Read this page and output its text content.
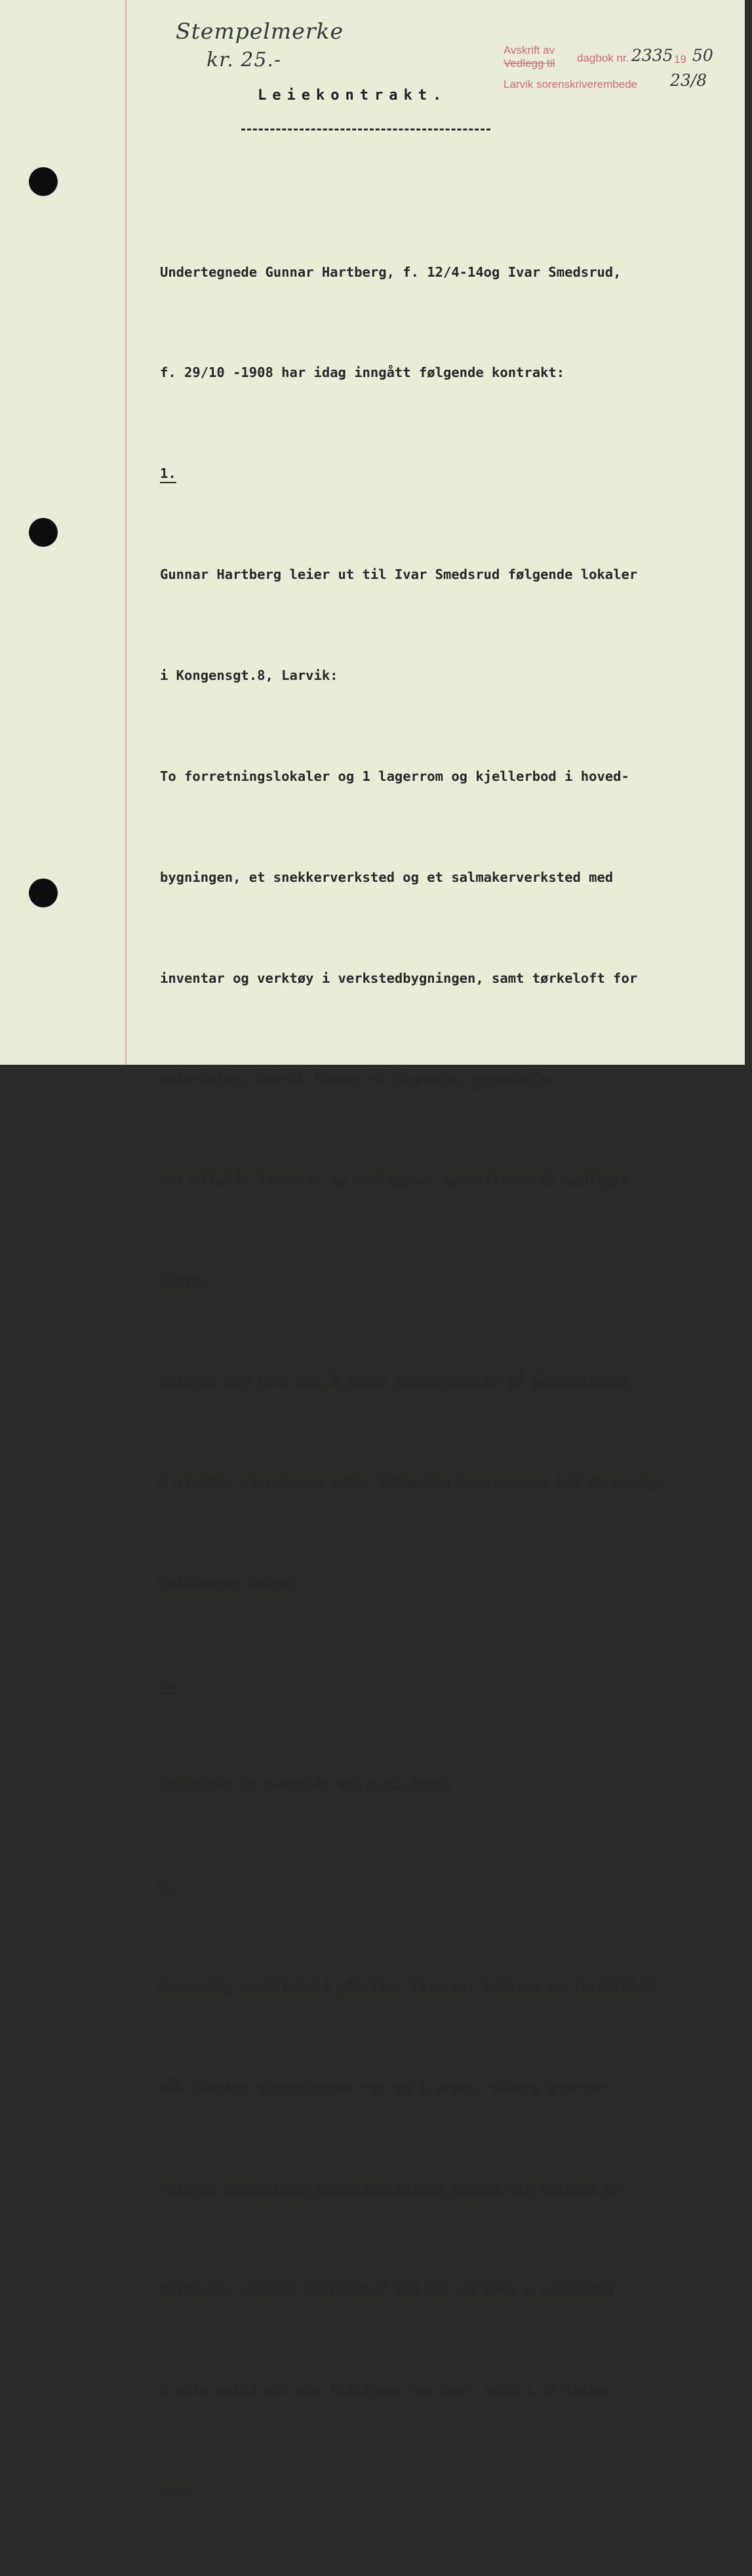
Stempelmerke
kr. 25.-	Avskrift av
Vedlegg til dagbok nr. 2335 19 50
Larvik sorenskriverembede 23/8
Leiekontrakt.

Undertegnede Gunnar Hartberg, f. 12/4-14og Ivar Smedsrud,

f. 29/10 -1908 har idag inngått følgende kontrakt:

1.

Gunnar Hartberg leier ut til Ivar Smedsrud følgende lokaler

i Kongensgt.8, Larvik:

To forretningslokaler og 1 lagerrom og kjellerbod i hoved-

bygningen, et snekkerverksted og et salmakerverksted med

inventar og verktøy i verkstedbygningen, samt tørkeloft for

materialer. Hertil kommer to lagerrom og garasje.

Det utleide inventar og verktøy er spesifisert på vedlagte

liste.

Leieren har rett til å lagre trematerialer på gårdsplassen

i rimelig utsrekning under tilbørlig hensyntagen til de øvrige

leieboeres behov.

2.

Leietiden er 5-fem-år fra 1/12-1949.

3.

Innvendig vedlikehold påhviler leieren. Leieren er forpliktet

til å holde gårdsplassen ren og i orden. Videre overtar

leieren utleierens forpliktelse med hensyn til renhold av

fortauet. Leieren forplikter seg til en gang i leietiden

å male solid alt som tidligere har vært malt i de leide

rom.
